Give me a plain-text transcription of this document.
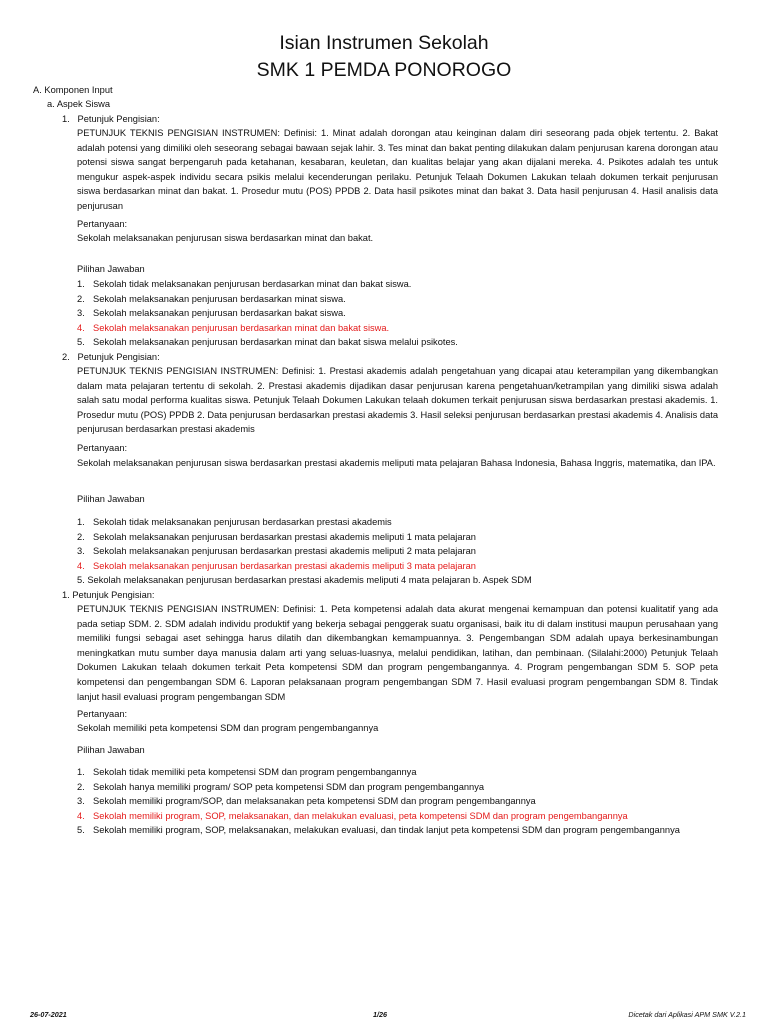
Isian Instrumen Sekolah
SMK 1 PEMDA PONOROGO
A. Komponen Input
a. Aspek Siswa
1.   Petunjuk Pengisian:
PETUNJUK TEKNIS PENGISIAN INSTRUMEN: Definisi: 1. Minat adalah dorongan atau keinginan dalam diri seseorang pada objek tertentu. 2. Bakat adalah potensi yang dimiliki oleh seseorang sebagai bawaan sejak lahir. 3. Tes minat dan bakat penting dilakukan dalam penjurusan karena dorongan atau potensi siswa sangat berpengaruh pada ketahanan, kesabaran, keuletan, dan kualitas belajar yang akan dijalani mereka. 4. Psikotes adalah tes untuk mengukur aspek-aspek individu secara psikis melalui kecenderungan perilaku. Petunjuk Telaah Dokumen Lakukan telaah dokumen terkait penjurusan siswa berdasarkan minat dan bakat. 1. Prosedur mutu (POS) PPDB 2. Data hasil psikotes minat dan bakat 3. Data hasil penjurusan 4. Hasil analisis data penjurusan
Pertanyaan:
Sekolah melaksanakan penjurusan siswa berdasarkan minat dan bakat.
Pilihan Jawaban
1. Sekolah tidak melaksanakan penjurusan berdasarkan minat dan bakat siswa.
2. Sekolah melaksanakan penjurusan berdasarkan minat siswa.
3. Sekolah melaksanakan penjurusan berdasarkan bakat siswa.
4. Sekolah melaksanakan penjurusan berdasarkan minat dan bakat siswa.
5. Sekolah melaksanakan penjurusan berdasarkan minat dan bakat siswa melalui psikotes.
2.   Petunjuk Pengisian:
PETUNJUK TEKNIS PENGISIAN INSTRUMEN: Definisi: 1. Prestasi akademis adalah pengetahuan yang dicapai atau keterampilan yang dikembangkan dalam mata pelajaran tertentu di sekolah. 2. Prestasi akademis dijadikan dasar penjurusan karena pengetahuan/ketrampilan yang dimiliki siswa adalah salah satu modal performa kualitas siswa. Petunjuk Telaah Dokumen Lakukan telaah dokumen terkait penjurusan siswa berdasarkan prestasi akademis. 1. Prosedur mutu (POS) PPDB 2. Data penjurusan berdasarkan prestasi akademis 3. Hasil seleksi penjurusan berdasarkan prestasi akademis 4. Analisis data penjurusan berdasarkan prestasi akademis
Pertanyaan:
Sekolah melaksanakan penjurusan siswa berdasarkan prestasi akademis meliputi mata pelajaran Bahasa Indonesia, Bahasa Inggris, matematika, dan IPA.
Pilihan Jawaban
1. Sekolah tidak melaksanakan penjurusan berdasarkan prestasi akademis
2. Sekolah melaksanakan penjurusan berdasarkan prestasi akademis meliputi 1 mata pelajaran
3. Sekolah melaksanakan penjurusan berdasarkan prestasi akademis meliputi 2 mata pelajaran
4. Sekolah melaksanakan penjurusan berdasarkan prestasi akademis meliputi 3 mata pelajaran
5. Sekolah melaksanakan penjurusan berdasarkan prestasi akademis meliputi 4 mata pelajaran b. Aspek SDM
1. Petunjuk Pengisian:
PETUNJUK TEKNIS PENGISIAN INSTRUMEN: Definisi: 1. Peta kompetensi adalah data akurat mengenai kemampuan dan potensi kualitatif yang ada pada setiap SDM. 2. SDM adalah individu produktif yang bekerja sebagai penggerak suatu organisasi, baik itu di dalam institusi maupun perusahaan yang memiliki fungsi sebagai aset sehingga harus dilatih dan dikembangkan kemampuannya. 3. Pengembangan SDM adalah upaya berkesinambungan meningkatkan mutu sumber daya manusia dalam arti yang seluas-luasnya, melalui pendidikan, latihan, dan pembinaan. (Silalahi:2000) Petunjuk Telaah Dokumen Lakukan telaah dokumen terkait Peta kompetensi SDM dan program pengembangannya. 4. Program pengembangan SDM 5. SOP peta kompetensi dan pengembangan SDM 6. Laporan pelaksanaan program pengembangan SDM 7. Hasil evaluasi program pengembangan SDM 8. Tindak lanjut hasil evaluasi program pengembangan SDM
Pertanyaan:
Sekolah memiliki peta kompetensi SDM dan program pengembangannya
Pilihan Jawaban
1. Sekolah tidak memiliki peta kompetensi SDM dan program pengembangannya
2. Sekolah hanya memiliki program/ SOP peta kompetensi SDM dan program pengembangannya
3. Sekolah memiliki program/SOP, dan melaksanakan peta kompetensi SDM dan program pengembangannya
4. Sekolah memiliki program, SOP, melaksanakan, dan melakukan evaluasi, peta kompetensi SDM dan program pengembangannya
5. Sekolah memiliki program, SOP, melaksanakan, melakukan evaluasi, dan tindak lanjut peta kompetensi SDM dan program pengembangannya
26-07-2021	1/26	Dicetak dari Aplikasi APM SMK V.2.1
